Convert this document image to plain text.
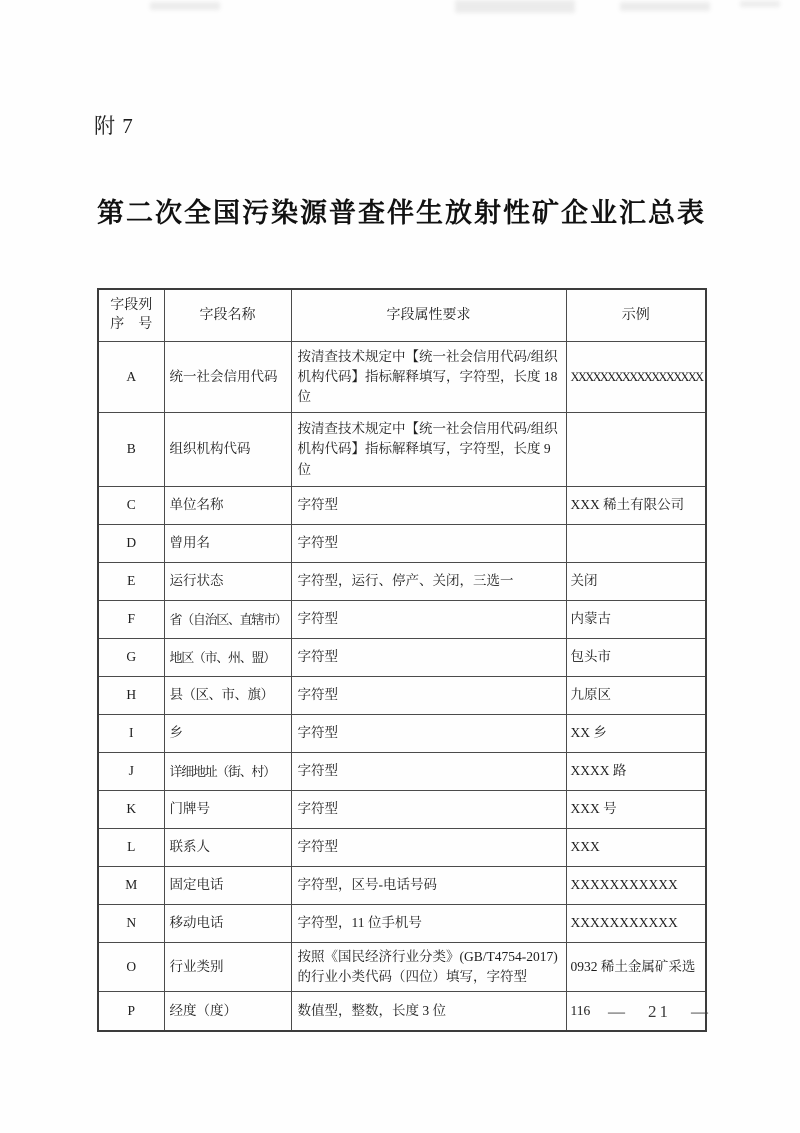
附 7
第二次全国污染源普查伴生放射性矿企业汇总表
字段列
序　号	字段名称	字段属性要求	示例
A	统一社会信用代码	按清查技术规定中【统一社会信用代码/组织机构代码】指标解释填写，字符型，长度 18 位	XXXXXXXXXXXXXXXXXX
B	组织机构代码	按清查技术规定中【统一社会信用代码/组织机构代码】指标解释填写，字符型，长度 9 位	
C	单位名称	字符型	XXX 稀土有限公司
D	曾用名	字符型	
E	运行状态	字符型，运行、停产、关闭，三选一	关闭
F	省（自治区、直辖市）	字符型	内蒙古
G	地区（市、州、盟）	字符型	包头市
H	县（区、市、旗）	字符型	九原区
I	乡	字符型	XX 乡
J	详细地址（街、村）	字符型	XXXX 路
K	门牌号	字符型	XXX 号
L	联系人	字符型	XXX
M	固定电话	字符型，区号-电话号码	XXXXXXXXXXX
N	移动电话	字符型，11 位手机号	XXXXXXXXXXX
O	行业类别	按照《国民经济行业分类》(GB/T4754-2017)的行业小类代码（四位）填写，字符型	0932 稀土金属矿采选
P	经度（度）	数值型，整数，长度 3 位	116 —　21　—
